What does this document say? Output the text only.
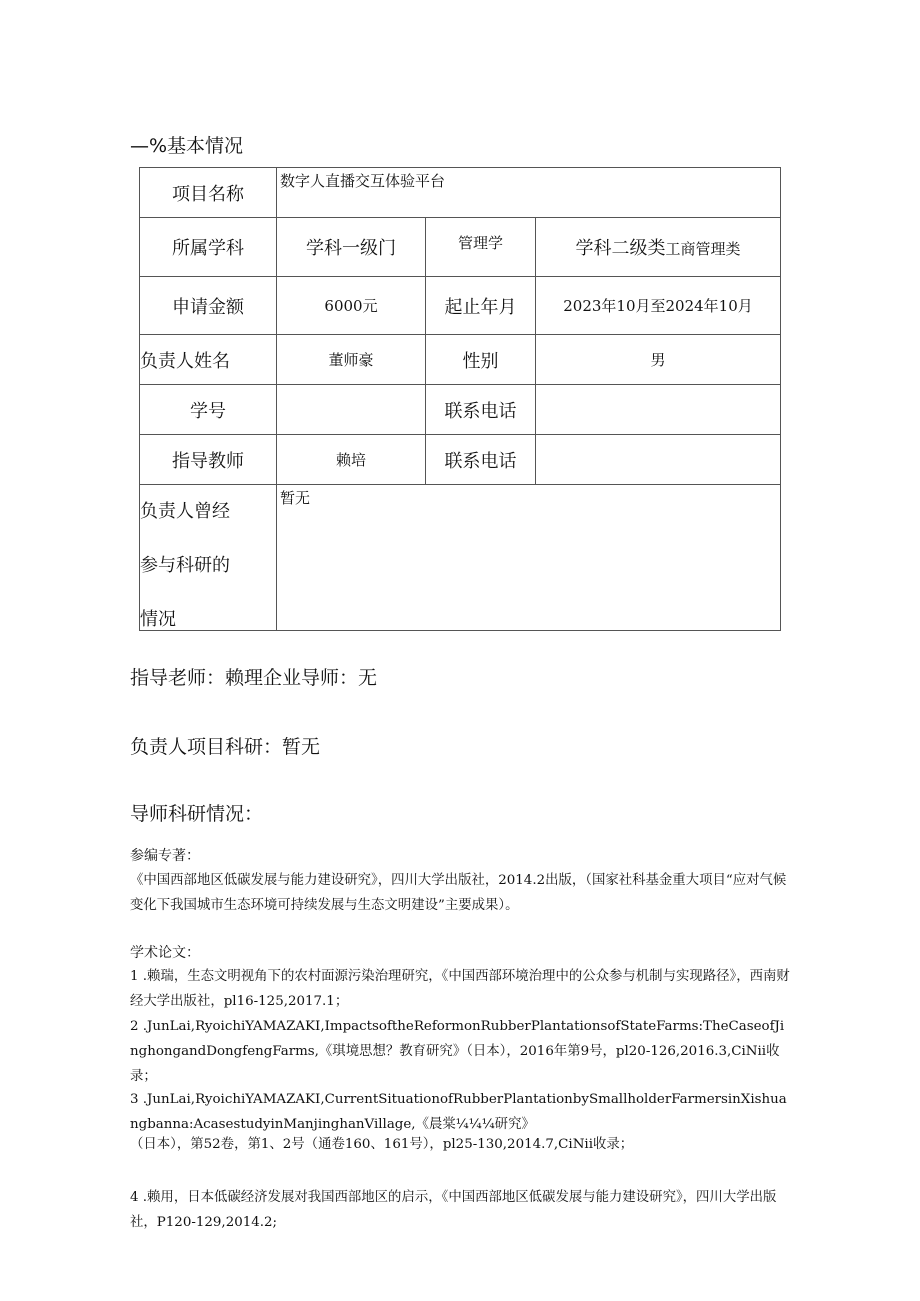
—%基本情况
项目名称	数字人直播交互体验平台		
所属学科	学科一级门	管理学	学科二级类工商管理类
申请金额	6000元	起止年月	2023年10月至2024年10月
负责人姓名	董师豪	性别	男
学号		联系电话	
指导教师	赖培	联系电话	

负责人曾经
参与科研的
情况	暂无		
指导老师：赖理企业导师：无
负责人项目科研：暂无
导师科研情况：
参编专著：

《中国西部地区低碳发展与能力建设研究》，四川大学出版社，2014.2出版，（国家社科基金重大项目“应对气候变化下我国城市生态环境可持续发展与生态文明建设”主要成果）。

学术论文：

1 .赖瑞，生态文明视角下的农村面源污染治理研究，《中国西部环境治理中的公众参与机制与实现路径》，西南财经大学出版社，pl16-125,2017.1；

2 .JunLai,RyoichiYAMAZAKI,ImpactsoftheReformonRubberPlantationsofStateFarms:TheCaseofJinghongandDongfengFarms,《琪境思想？教育研究》（日本），2016年第9号，pl20-126,2016.3,CiNii收录；

3 .JunLai,RyoichiYAMAZAKI,CurrentSituationofRubberPlantationbySmallholderFarmersinXishuangbanna:AcasestudyinManjinghanVillage,《晨棠¼¼¼研究》

（日本），第52卷，第1、2号（通卷160、161号），pl25-130,2014.7,CiNii收录；

4 .赖用，日本低碳经济发展对我国西部地区的启示，《中国西部地区低碳发展与能力建设研究》，四川大学出版社，P120-129,2014.2;
